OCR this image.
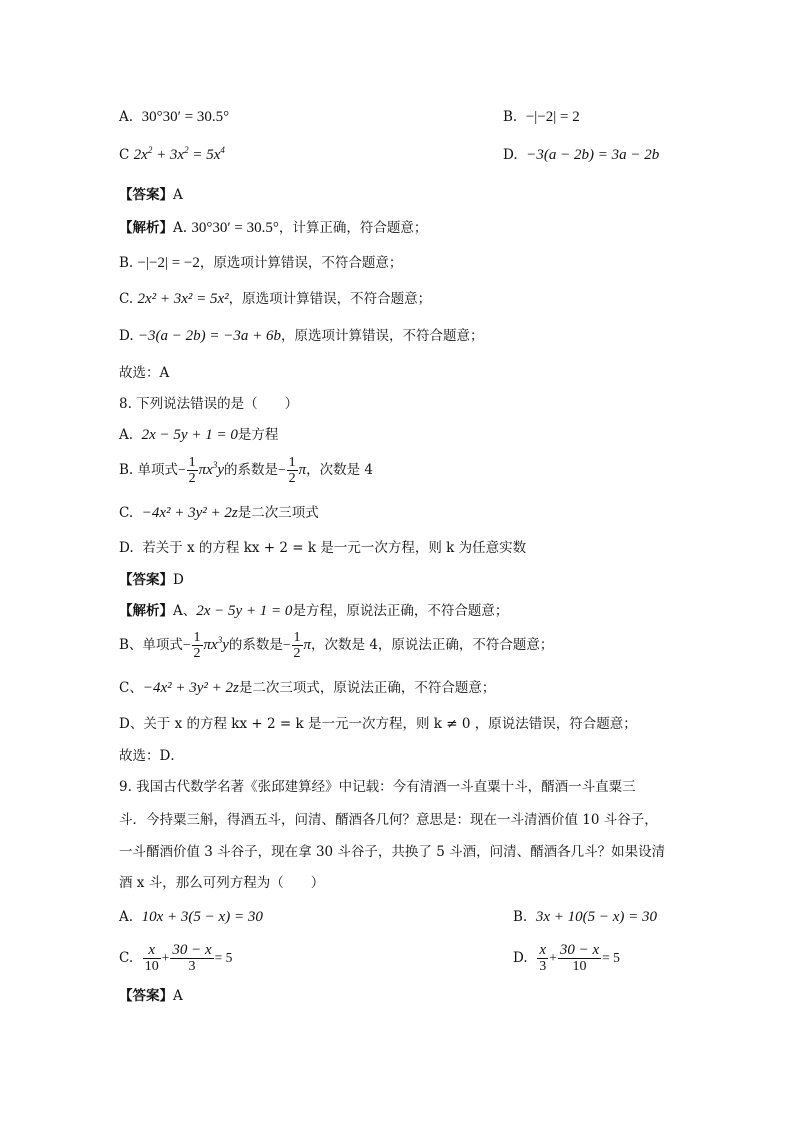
A. 30°30′ = 30.5°	B. −|−2| = 2
C $2x^2 + 3x^2 = 5x^4$	D. −3(a − 2b) = 3a − 2b
【答案】A
【解析】A. 30°30′ = 30.5°，计算正确，符合题意；
B. −|−2| = −2，原选项计算错误，不符合题意；
C. 2x² + 3x² = 5x²，原选项计算错误，不符合题意；
D. −3(a − 2b) = −3a + 6b，原选项计算错误，不符合题意；
故选：A
8. 下列说法错误的是（　　）
A. 2x − 5y + 1 = 0是方程
B. 单项式− $\frac{1}{2} \pi x^3y$的系数是− $\frac{1}{2}$ π，次数是 4
C. −4x² + 3y² + 2z是二次三项式
D. 若关于 x 的方程 kx + 2 = k 是一元一次方程，则 k 为任意实数
【答案】D
【解析】A、2x − 5y + 1 = 0是方程，原说法正确，不符合题意；
B、单项式− $\frac{1}{2} \pi x^3y$的系数是− $\frac{1}{2}$ π，次数是 4，原说法正确，不符合题意；
C、−4x² + 3y² + 2z是二次三项式，原说法正确，不符合题意；
D、关于 x 的方程 kx + 2 = k 是一元一次方程，则 k ≠ 0 ，原说法错误，符合题意；
故选：D．
9. 我国古代数学名著《张邱建算经》中记载：今有清酒一斗直粟十斗，醑酒一斗直粟三
斗．今持粟三斛，得酒五斗，问清、醑酒各几何？意思是：现在一斗清酒价值 10 斗谷子，
一斗醑酒价值 3 斗谷子，现在拿 30 斗谷子，共换了 5 斗酒，问清、醑酒各几斗？如果设清
酒 x 斗，那么可列方程为（　　）
A. 10x + 3(5 − x) = 30	B. 3x + 10(5 − x) = 30
C. $\frac{x}{10} + \frac{30 - x}{3} = 5$	D. $\frac{x}{3} + \frac{30 - x}{10} = 5$
【答案】A
